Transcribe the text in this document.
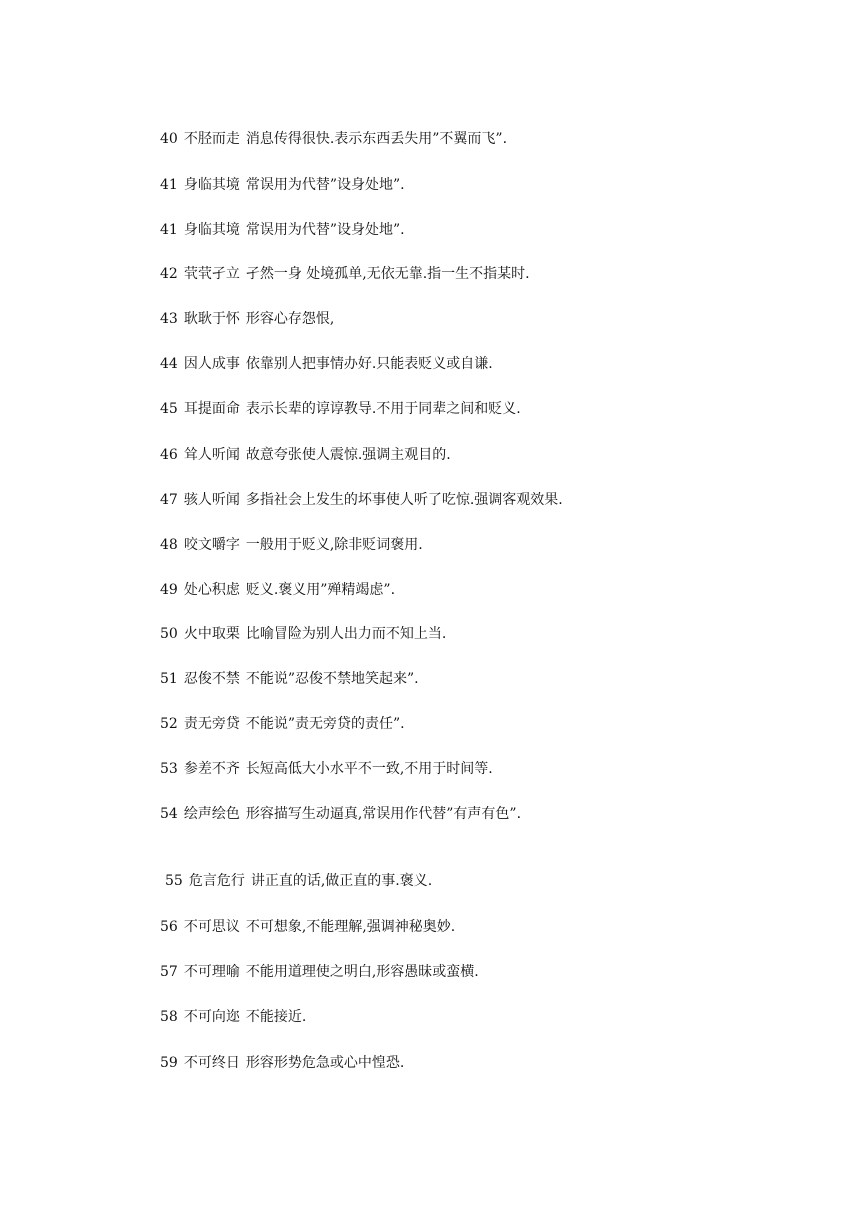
40 不胫而走 消息传得很快.表示东西丢失用”不翼而飞”.
41 身临其境 常误用为代替”设身处地”.
41 身临其境 常误用为代替”设身处地”.
42 茕茕孑立 孑然一身 处境孤单,无依无靠.指一生不指某时.
43 耿耿于怀 形容心存怨恨,
44 因人成事 依靠别人把事情办好.只能表贬义或自谦.
45 耳提面命 表示长辈的谆谆教导.不用于同辈之间和贬义.
46 耸人听闻 故意夸张使人震惊.强调主观目的.
47 骇人听闻 多指社会上发生的坏事使人听了吃惊.强调客观效果.
48 咬文嚼字 一般用于贬义,除非贬词褒用.
49 处心积虑 贬义.褒义用”殚精竭虑”.
50 火中取栗 比喻冒险为别人出力而不知上当.
51 忍俊不禁 不能说”忍俊不禁地笑起来”.
52 责无旁贷 不能说”责无旁贷的责任”.
53 参差不齐 长短高低大小水平不一致,不用于时间等.
54 绘声绘色 形容描写生动逼真,常误用作代替”有声有色”.
55 危言危行 讲正直的话,做正直的事.褒义.
56 不可思议 不可想象,不能理解,强调神秘奥妙.
57 不可理喻 不能用道理使之明白,形容愚昧或蛮横.
58 不可向迩 不能接近.
59 不可终日 形容形势危急或心中惶恐.
